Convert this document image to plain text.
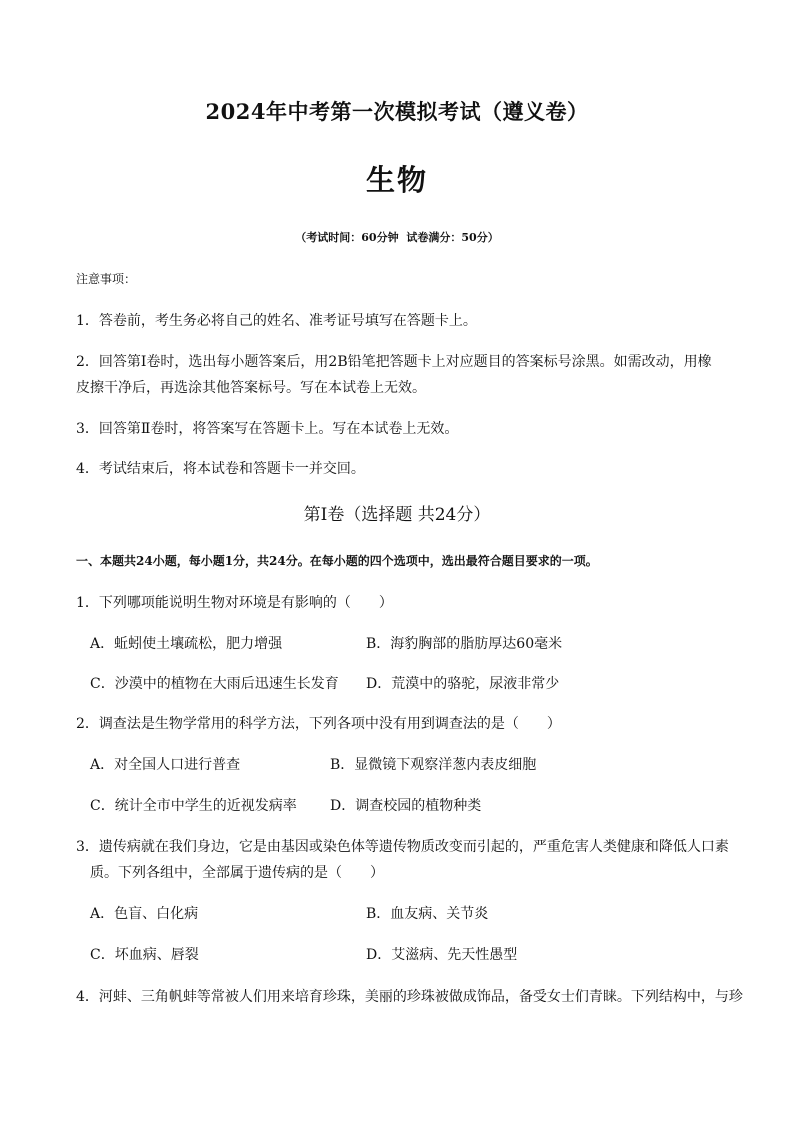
2024年中考第一次模拟考试（遵义卷）
生物
（考试时间：60分钟 试卷满分：50分）
注意事项：
1．答卷前，考生务必将自己的姓名、准考证号填写在答题卡上。
2．回答第Ⅰ卷时，选出每小题答案后，用2B铅笔把答题卡上对应题目的答案标号涂黑。如需改动，用橡
皮擦干净后，再选涂其他答案标号。写在本试卷上无效。
3．回答第Ⅱ卷时，将答案写在答题卡上。写在本试卷上无效。
4．考试结束后，将本试卷和答题卡一并交回。
第Ⅰ卷（选择题 共24分）
一、本题共24小题，每小题1分，共24分。在每小题的四个选项中，选出最符合题目要求的一项。
1．下列哪项能说明生物对环境是有影响的（　　）
A．蚯蚓使土壤疏松，肥力增强	B．海豹胸部的脂肪厚达60毫米
C．沙漠中的植物在大雨后迅速生长发育 D．荒漠中的骆驼，尿液非常少
2．调查法是生物学常用的科学方法，下列各项中没有用到调查法的是（　　）
A．对全国人口进行普查	B．显微镜下观察洋葱内表皮细胞
C．统计全市中学生的近视发病率 D．调查校园的植物种类
3．遗传病就在我们身边，它是由基因或染色体等遗传物质改变而引起的，严重危害人类健康和降低人口素
质。下列各组中，全部属于遗传病的是（　　）
A．色盲、白化病	B．血友病、关节炎
C．坏血病、唇裂	D．艾滋病、先天性愚型
4．河蚌、三角帆蚌等常被人们用来培育珍珠，美丽的珍珠被做成饰品，备受女士们青睐。下列结构中，与珍
